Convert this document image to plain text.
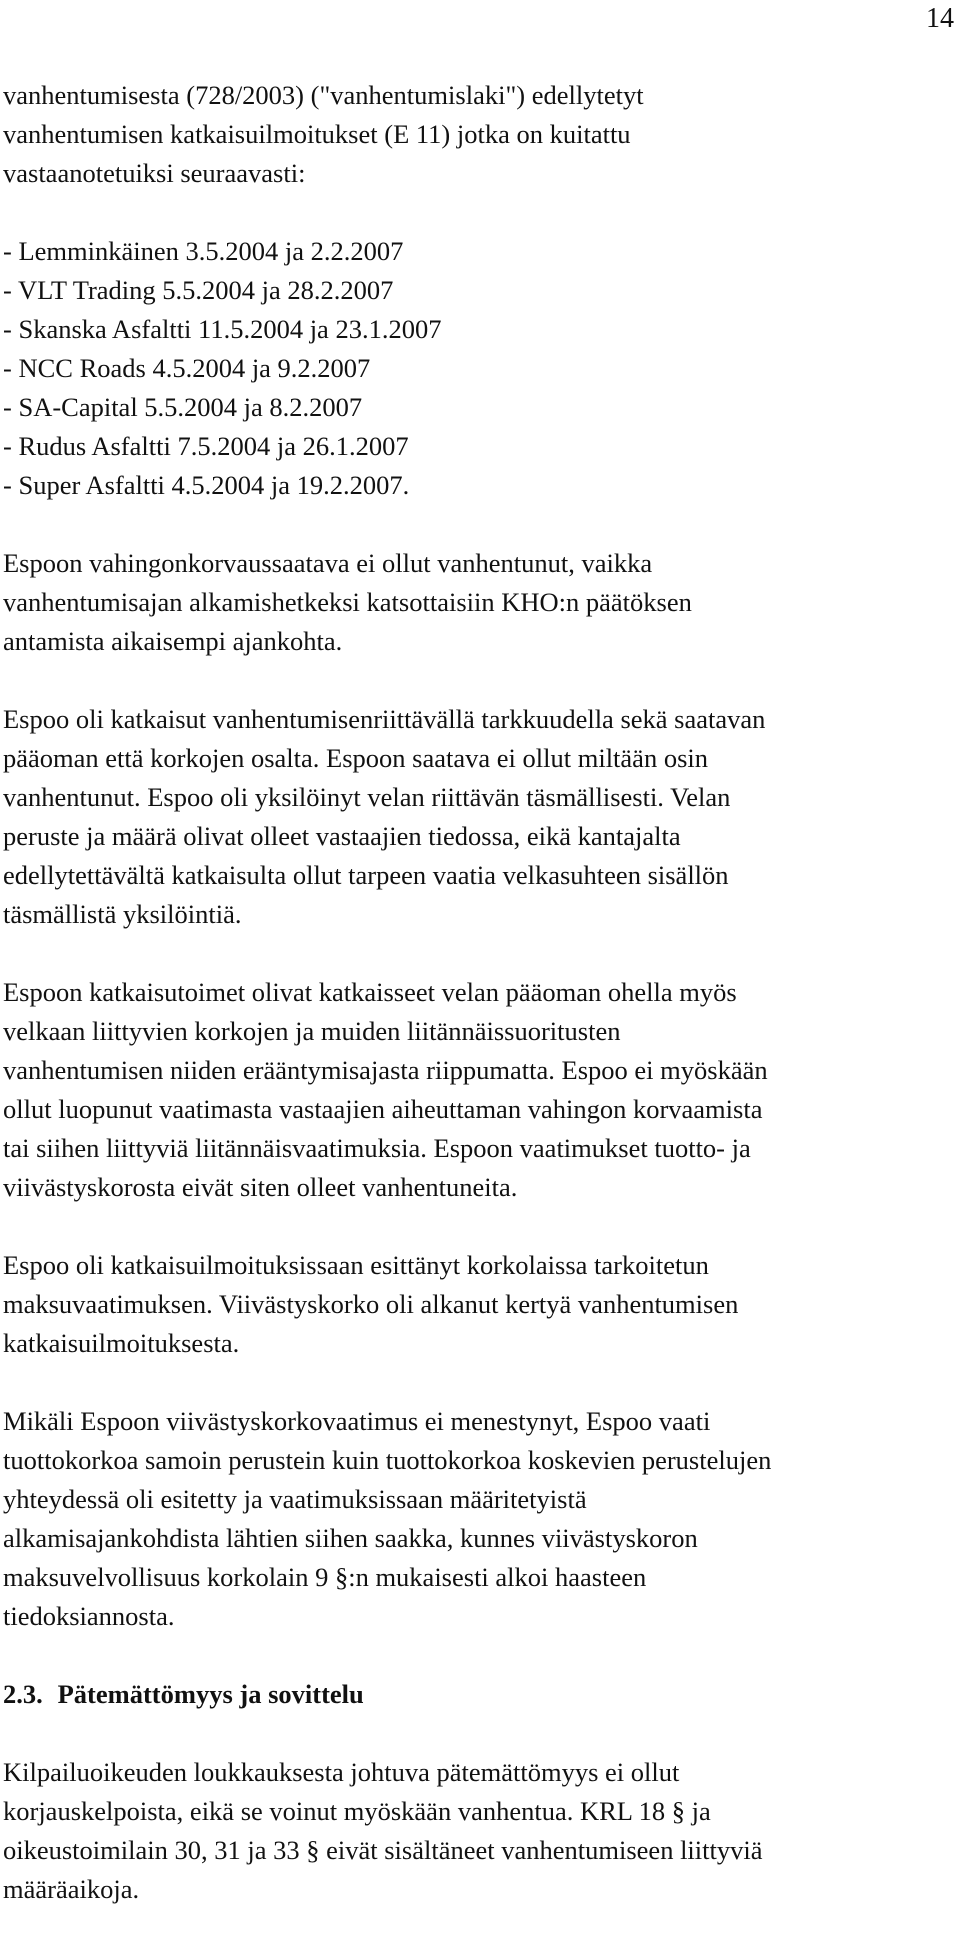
14
vanhentumisesta (728/2003) ("vanhentumislaki") edellytetyt
vanhentumisen katkaisuilmoitukset (E 11) jotka on kuitattu
vastaanotetuiksi seuraavasti:
- Lemminkäinen 3.5.2004 ja 2.2.2007
- VLT Trading 5.5.2004 ja 28.2.2007
- Skanska Asfaltti 11.5.2004 ja 23.1.2007
- NCC Roads 4.5.2004 ja 9.2.2007
- SA-Capital 5.5.2004 ja 8.2.2007
- Rudus Asfaltti 7.5.2004 ja 26.1.2007
- Super Asfaltti 4.5.2004 ja 19.2.2007.
Espoon vahingonkorvaussaatava ei ollut vanhentunut, vaikka
vanhentumisajan alkamishetkeksi katsottaisiin KHO:n päätöksen
antamista aikaisempi ajankohta.
Espoo oli katkaisut vanhentumisenriittävällä tarkkuudella sekä saatavan
pääoman että korkojen osalta. Espoon saatava ei ollut miltään osin
vanhentunut. Espoo oli yksilöinyt velan riittävän täsmällisesti. Velan
peruste ja määrä olivat olleet vastaajien tiedossa, eikä kantajalta
edellytettävältä katkaisulta ollut tarpeen vaatia velkasuhteen sisällön
täsmällistä yksilöintiä.
Espoon katkaisutoimet olivat katkaisseet velan pääoman ohella myös
velkaan liittyvien korkojen ja muiden liitännäissuoritusten
vanhentumisen niiden erääntymisajasta riippumatta. Espoo ei myöskään
ollut luopunut vaatimasta vastaajien aiheuttaman vahingon korvaamista
tai siihen liittyviä liitännäisvaatimuksia. Espoon vaatimukset tuotto- ja
viivästyskorosta eivät siten olleet vanhentuneita.
Espoo oli katkaisuilmoituksissaan esittänyt korkolaissa tarkoitetun
maksuvaatimuksen. Viivästyskorko oli alkanut kertyä vanhentumisen
katkaisuilmoituksesta.
Mikäli Espoon viivästyskorkovaatimus ei menestynyt, Espoo vaati
tuottokorkoa samoin perustein kuin tuottokorkoa koskevien perustelujen
yhteydessä oli esitetty ja vaatimuksissaan määritetyistä
alkamisajankohdista lähtien siihen saakka, kunnes viivästyskoron
maksuvelvollisuus korkolain 9 §:n mukaisesti alkoi haasteen
tiedoksiannosta.
2.3. Pätemättömyys ja sovittelu
Kilpailuoikeuden loukkauksesta johtuva pätemättömyys ei ollut
korjauskelpoista, eikä se voinut myöskään vanhentua. KRL 18 § ja
oikeustoimilain 30, 31 ja 33 § eivät sisältäneet vanhentumiseen liittyviä
määräaikoja.
